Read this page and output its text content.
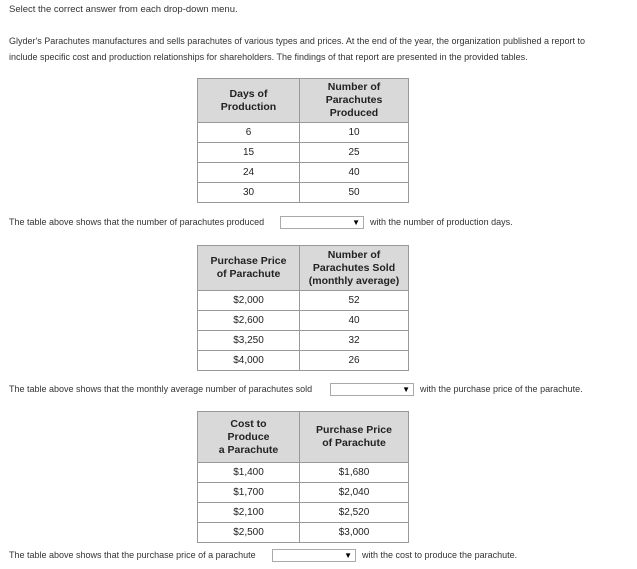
Select the correct answer from each drop-down menu.
Glyder's Parachutes manufactures and sells parachutes of various types and prices. At the end of the year, the organization published a report to
include specific cost and production relationships for shareholders. The findings of that report are presented in the provided tables.
Days of
Production	Number of
Parachutes
Produced
6	10
15	25
24	40
30	50
The table above shows that the number of parachutes produced	▼ with the number of production days.
Purchase Price
of Parachute	Number of
Parachutes Sold
(monthly average)
$2,000	52
$2,600	40
$3,250	32
$4,000	26
The table above shows that the monthly average number of parachutes sold	▼ with the purchase price of the parachute.
Cost to
Produce
a Parachute	Purchase Price
of Parachute
$1,400	$1,680
$1,700	$2,040
$2,100	$2,520
$2,500	$3,000
The table above shows that the purchase price of a parachute	▼ with the cost to produce the parachute.
